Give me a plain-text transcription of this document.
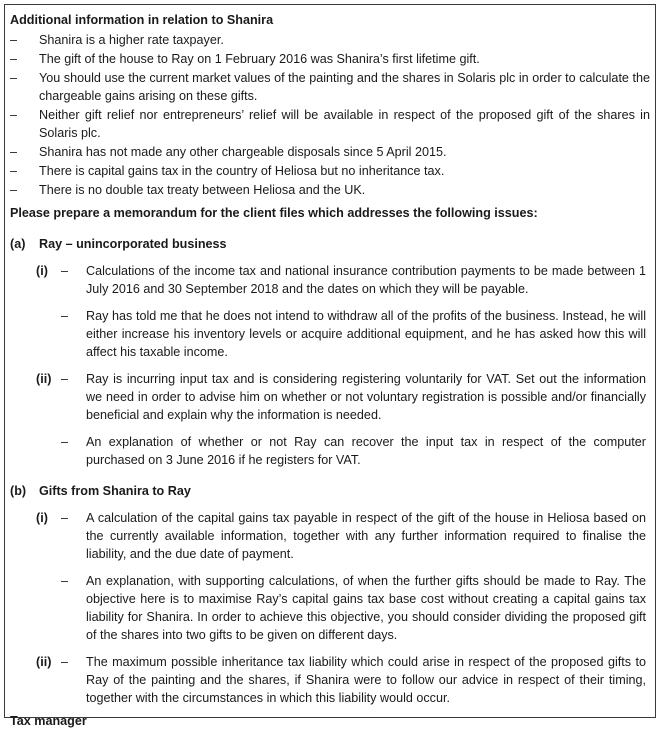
Additional information in relation to Shanira
–	Shanira is a higher rate taxpayer.
–	The gift of the house to Ray on 1 February 2016 was Shanira’s first lifetime gift.
–	You should use the current market values of the painting and the shares in Solaris plc in order to calculate the chargeable gains arising on these gifts.
–	Neither gift relief nor entrepreneurs’ relief will be available in respect of the proposed gift of the shares in Solaris plc.
–	Shanira has not made any other chargeable disposals since 5 April 2015.
–	There is capital gains tax in the country of Heliosa but no inheritance tax.
–	There is no double tax treaty between Heliosa and the UK.
Please prepare a memorandum for the client files which addresses the following issues:
(a)	Ray – unincorporated business
(i)	–	Calculations of the income tax and national insurance contribution payments to be made between 1 July 2016 and 30 September 2018 and the dates on which they will be payable.
–	Ray has told me that he does not intend to withdraw all of the profits of the business. Instead, he will either increase his inventory levels or acquire additional equipment, and he has asked how this will affect his taxable income.
(ii) –	Ray is incurring input tax and is considering registering voluntarily for VAT. Set out the information we need in order to advise him on whether or not voluntary registration is possible and/or financially beneficial and explain why the information is needed.
–	An explanation of whether or not Ray can recover the input tax in respect of the computer purchased on 3 June 2016 if he registers for VAT.
(b)	Gifts from Shanira to Ray
(i)	–	A calculation of the capital gains tax payable in respect of the gift of the house in Heliosa based on the currently available information, together with any further information required to finalise the liability, and the due date of payment.
–	An explanation, with supporting calculations, of when the further gifts should be made to Ray. The objective here is to maximise Ray’s capital gains tax base cost without creating a capital gains tax liability for Shanira. In order to achieve this objective, you should consider dividing the proposed gift of the shares into two gifts to be given on different days.
(ii) –	The maximum possible inheritance tax liability which could arise in respect of the proposed gifts to Ray of the painting and the shares, if Shanira were to follow our advice in respect of their timing, together with the circumstances in which this liability would occur.
Tax manager
